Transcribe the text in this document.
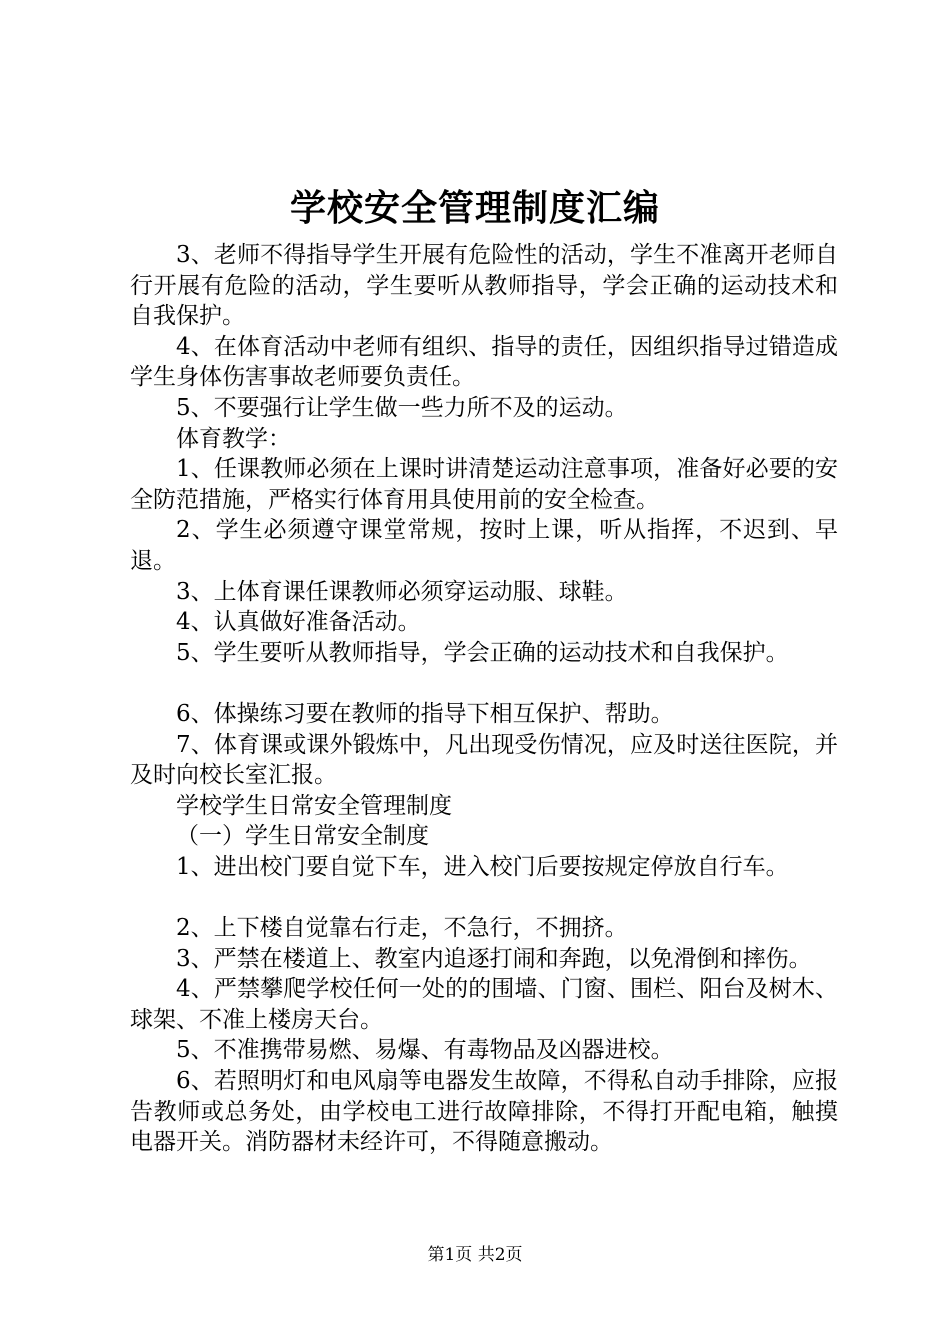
学校安全管理制度汇编

3、老师不得指导学生开展有危险性的活动，学生不准离开老师自行开展有危险的活动，学生要听从教师指导，学会正确的运动技术和自我保护。

4、在体育活动中老师有组织、指导的责任，因组织指导过错造成学生身体伤害事故老师要负责任。

5、不要强行让学生做一些力所不及的运动。

体育教学：

1、任课教师必须在上课时讲清楚运动注意事项，准备好必要的安全防范措施，严格实行体育用具使用前的安全检查。

2、学生必须遵守课堂常规，按时上课，听从指挥，不迟到、早退。

3、上体育课任课教师必须穿运动服、球鞋。

4、认真做好准备活动。

5、学生要听从教师指导，学会正确的运动技术和自我保护。

6、体操练习要在教师的指导下相互保护、帮助。

7、体育课或课外锻炼中，凡出现受伤情况，应及时送往医院，并及时向校长室汇报。

学校学生日常安全管理制度

（一）学生日常安全制度

1、进出校门要自觉下车，进入校门后要按规定停放自行车。

2、上下楼自觉靠右行走，不急行，不拥挤。

3、严禁在楼道上、教室内追逐打闹和奔跑，以免滑倒和摔伤。

4、严禁攀爬学校任何一处的的围墙、门窗、围栏、阳台及树木、球架、不准上楼房天台。

5、不准携带易燃、易爆、有毒物品及凶器进校。

6、若照明灯和电风扇等电器发生故障，不得私自动手排除，应报告教师或总务处，由学校电工进行故障排除，不得打开配电箱，触摸电器开关。消防器材未经许可，不得随意搬动。

第1页 共2页
